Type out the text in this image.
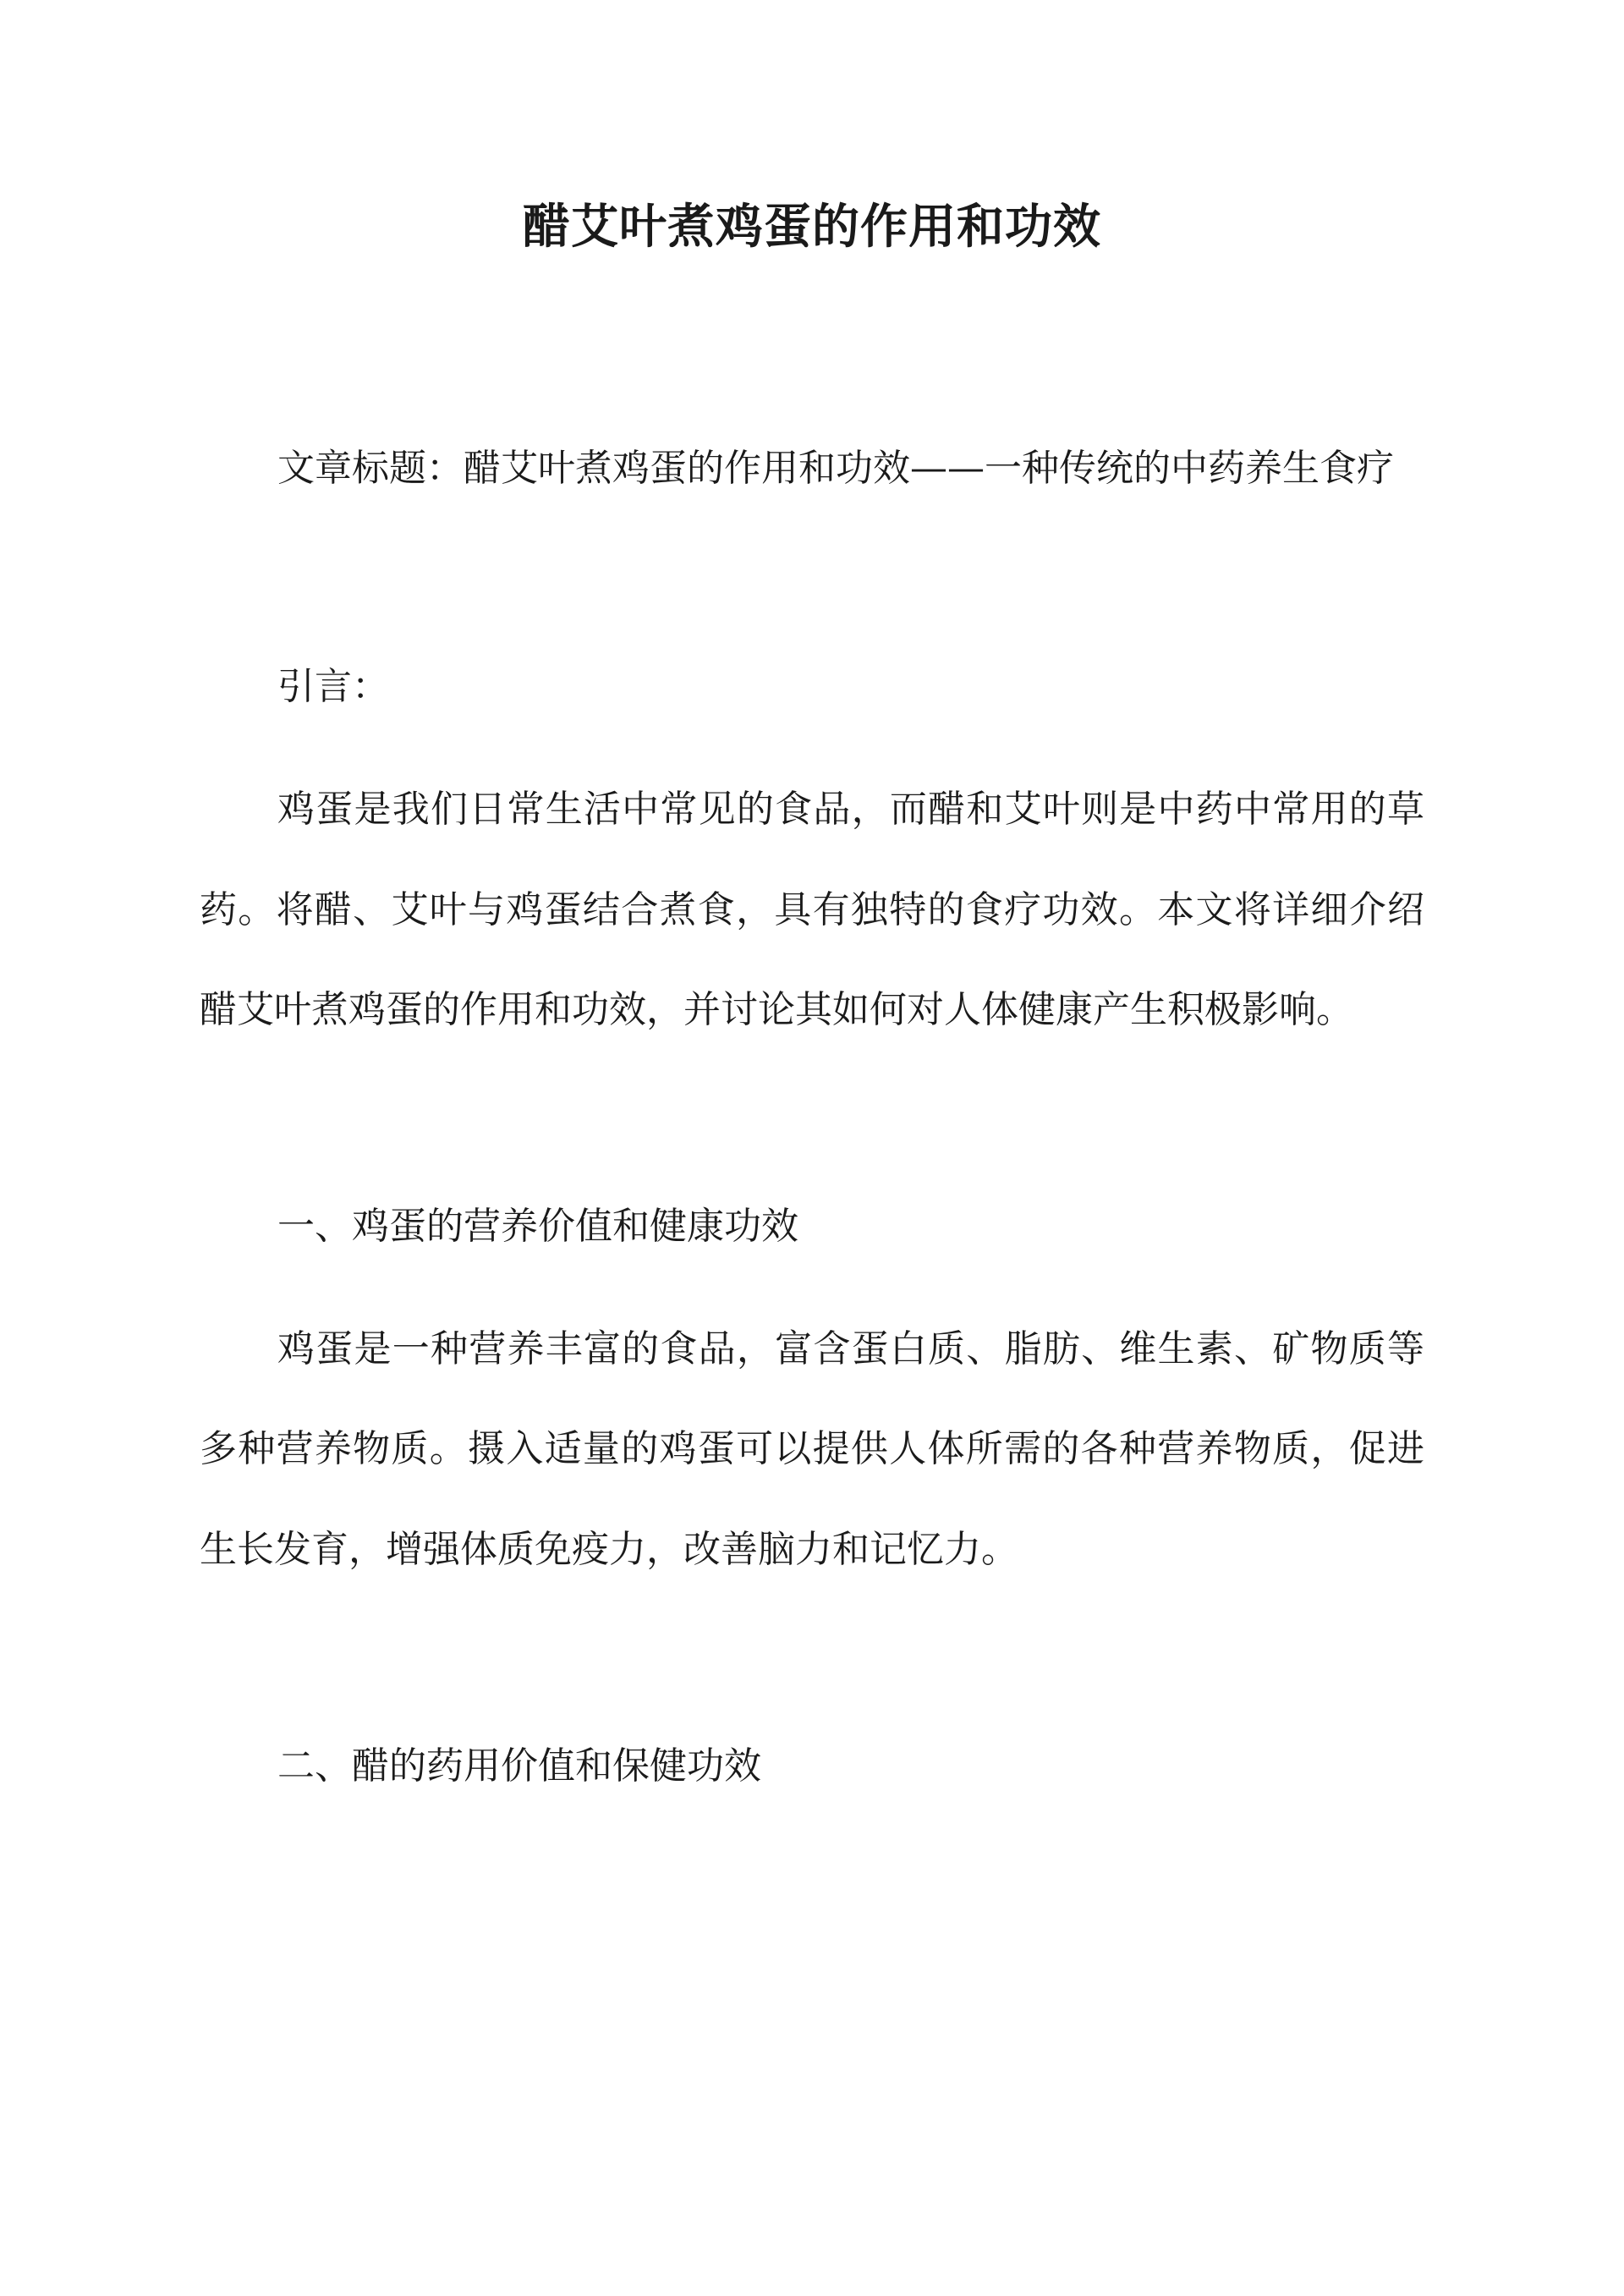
醋艾叶煮鸡蛋的作用和功效

文章标题：醋艾叶煮鸡蛋的作用和功效——一种传统的中药养生食疗

引言：

鸡蛋是我们日常生活中常见的食品，而醋和艾叶则是中药中常用的草

药。将醋、艾叶与鸡蛋结合煮食，具有独特的食疗功效。本文将详细介绍

醋艾叶煮鸡蛋的作用和功效，并讨论其如何对人体健康产生积极影响。

一、鸡蛋的营养价值和健康功效

鸡蛋是一种营养丰富的食品，富含蛋白质、脂肪、维生素、矿物质等

多种营养物质。摄入适量的鸡蛋可以提供人体所需的各种营养物质，促进

生长发育，增强体质免疫力，改善脑力和记忆力。

二、醋的药用价值和保健功效
